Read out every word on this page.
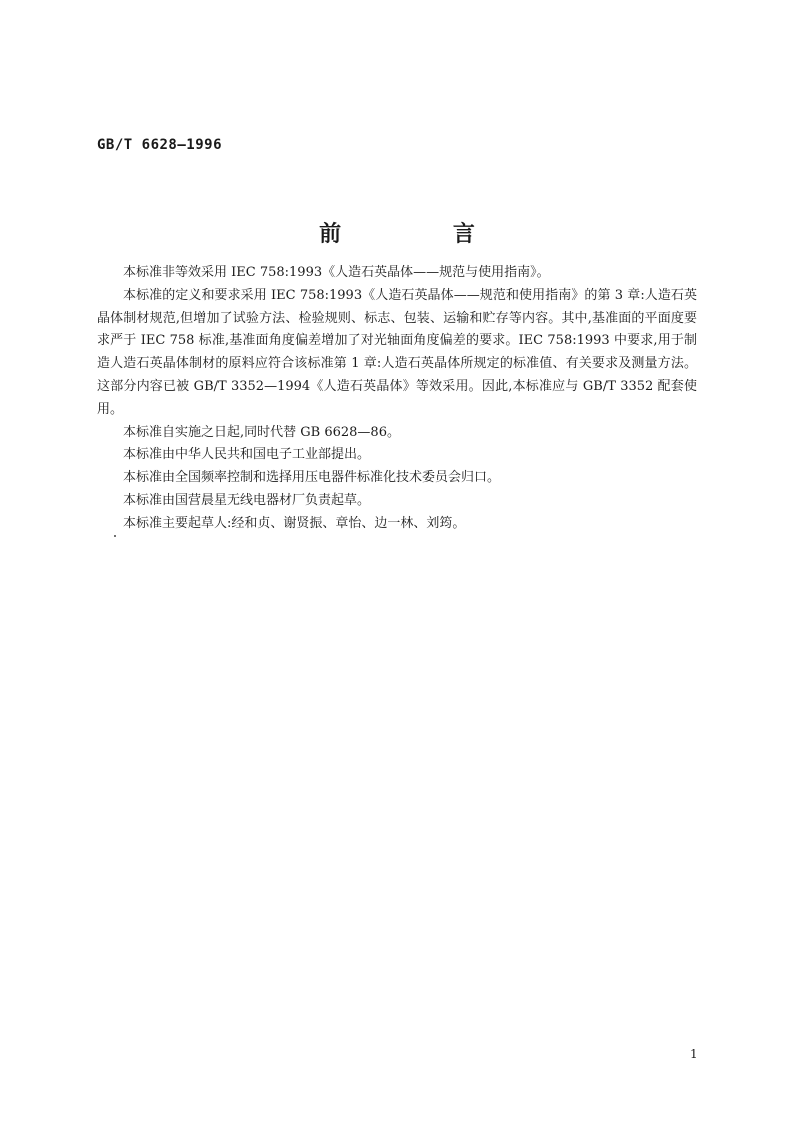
GB/T 6628—1996
前 言

本标准非等效采用 IEC 758:1993《人造石英晶体——规范与使用指南》。

本标准的定义和要求采用 IEC 758:1993《人造石英晶体——规范和使用指南》的第 3 章:人造石英晶体制材规范,但增加了试验方法、检验规则、标志、包装、运输和贮存等内容。其中,基准面的平面度要求严于 IEC 758 标准,基准面角度偏差增加了对光轴面角度偏差的要求。IEC 758:1993 中要求,用于制造人造石英晶体制材的原料应符合该标准第 1 章:人造石英晶体所规定的标准值、有关要求及测量方法。这部分内容已被 GB/T 3352—1994《人造石英晶体》等效采用。因此,本标准应与 GB/T 3352 配套使用。

本标准自实施之日起,同时代替 GB 6628—86。

本标准由中华人民共和国电子工业部提出。

本标准由全国频率控制和选择用压电器件标准化技术委员会归口。

本标准由国营晨星无线电器材厂负责起草。

本标准主要起草人:经和贞、谢贤振、章怡、边一林、刘筠。

1
